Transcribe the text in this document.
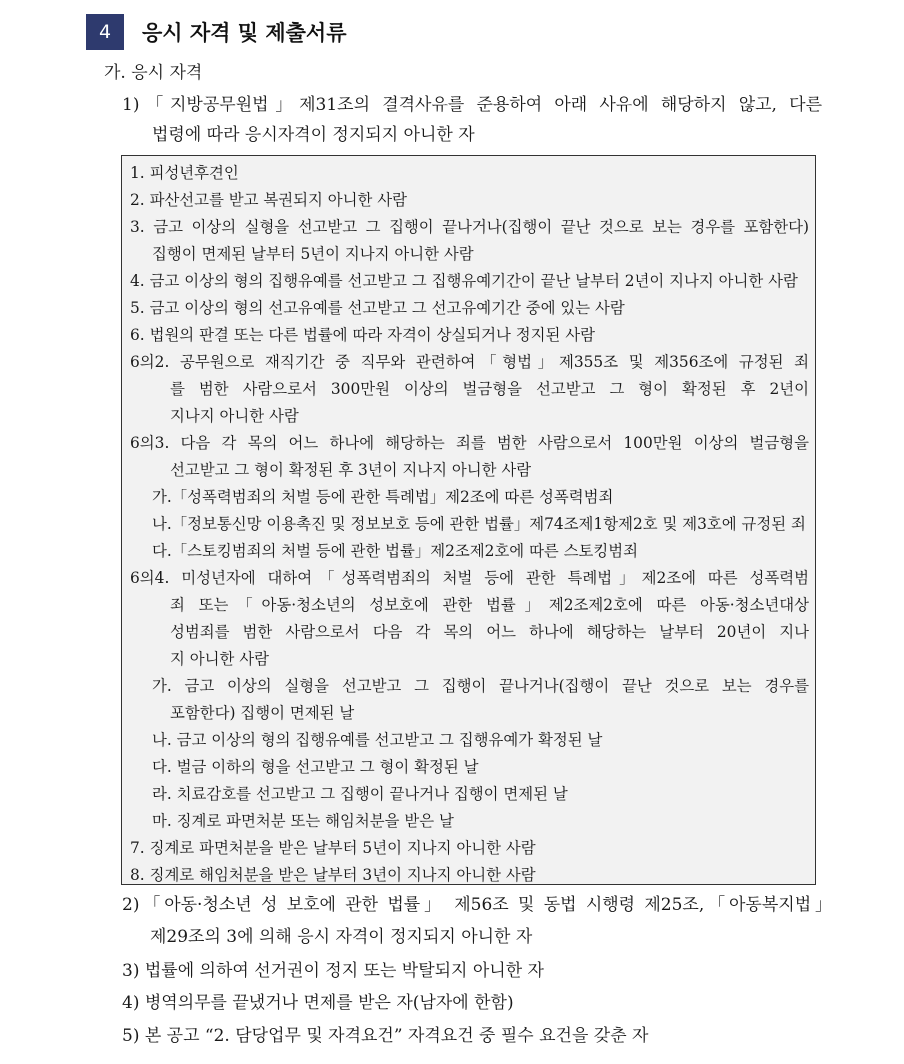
4	응시 자격 및 제출서류
가. 응시 자격
1)「지방공무원법」제31조의 결격사유를 준용하여 아래 사유에 해당하지 않고, 다른
법령에 따라 응시자격이 정지되지 아니한 자
1. 피성년후견인
2. 파산선고를 받고 복권되지 아니한 사람
3. 금고 이상의 실형을 선고받고 그 집행이 끝나거나(집행이 끝난 것으로 보는 경우를 포함한다)
집행이 면제된 날부터 5년이 지나지 아니한 사람
4. 금고 이상의 형의 집행유예를 선고받고 그 집행유예기간이 끝난 날부터 2년이 지나지 아니한 사람
5. 금고 이상의 형의 선고유예를 선고받고 그 선고유예기간 중에 있는 사람
6. 법원의 판결 또는 다른 법률에 따라 자격이 상실되거나 정지된 사람
6의2. 공무원으로 재직기간 중 직무와 관련하여「형법」제355조 및 제356조에 규정된 죄
를 범한 사람으로서 300만원 이상의 벌금형을 선고받고 그 형이 확정된 후 2년이
지나지 아니한 사람
6의3. 다음 각 목의 어느 하나에 해당하는 죄를 범한 사람으로서 100만원 이상의 벌금형을
선고받고 그 형이 확정된 후 3년이 지나지 아니한 사람
가.「성폭력범죄의 처벌 등에 관한 특례법」제2조에 따른 성폭력범죄
나.「정보통신망 이용촉진 및 정보보호 등에 관한 법률」제74조제1항제2호 및 제3호에 규정된 죄
다.「스토킹범죄의 처벌 등에 관한 법률」제2조제2호에 따른 스토킹범죄
6의4. 미성년자에 대하여「성폭력범죄의 처벌 등에 관한 특례법」제2조에 따른 성폭력범
죄 또는「아동·청소년의 성보호에 관한 법률」제2조제2호에 따른 아동·청소년대상
성범죄를 범한 사람으로서 다음 각 목의 어느 하나에 해당하는 날부터 20년이 지나
지 아니한 사람
가. 금고 이상의 실형을 선고받고 그 집행이 끝나거나(집행이 끝난 것으로 보는 경우를
포함한다) 집행이 면제된 날
나. 금고 이상의 형의 집행유예를 선고받고 그 집행유예가 확정된 날
다. 벌금 이하의 형을 선고받고 그 형이 확정된 날
라. 치료감호를 선고받고 그 집행이 끝나거나 집행이 면제된 날
마. 징계로 파면처분 또는 해임처분을 받은 날
7. 징계로 파면처분을 받은 날부터 5년이 지나지 아니한 사람
8. 징계로 해임처분을 받은 날부터 3년이 지나지 아니한 사람
2)「아동·청소년 성 보호에 관한 법률」 제56조 및 동법 시행령 제25조,「아동복지법」
제29조의 3에 의해 응시 자격이 정지되지 아니한 자
3) 법률에 의하여 선거권이 정지 또는 박탈되지 아니한 자
4) 병역의무를 끝냈거나 면제를 받은 자(남자에 한함)
5) 본 공고 “2. 담당업무 및 자격요건” 자격요건 중 필수 요건을 갖춘 자
